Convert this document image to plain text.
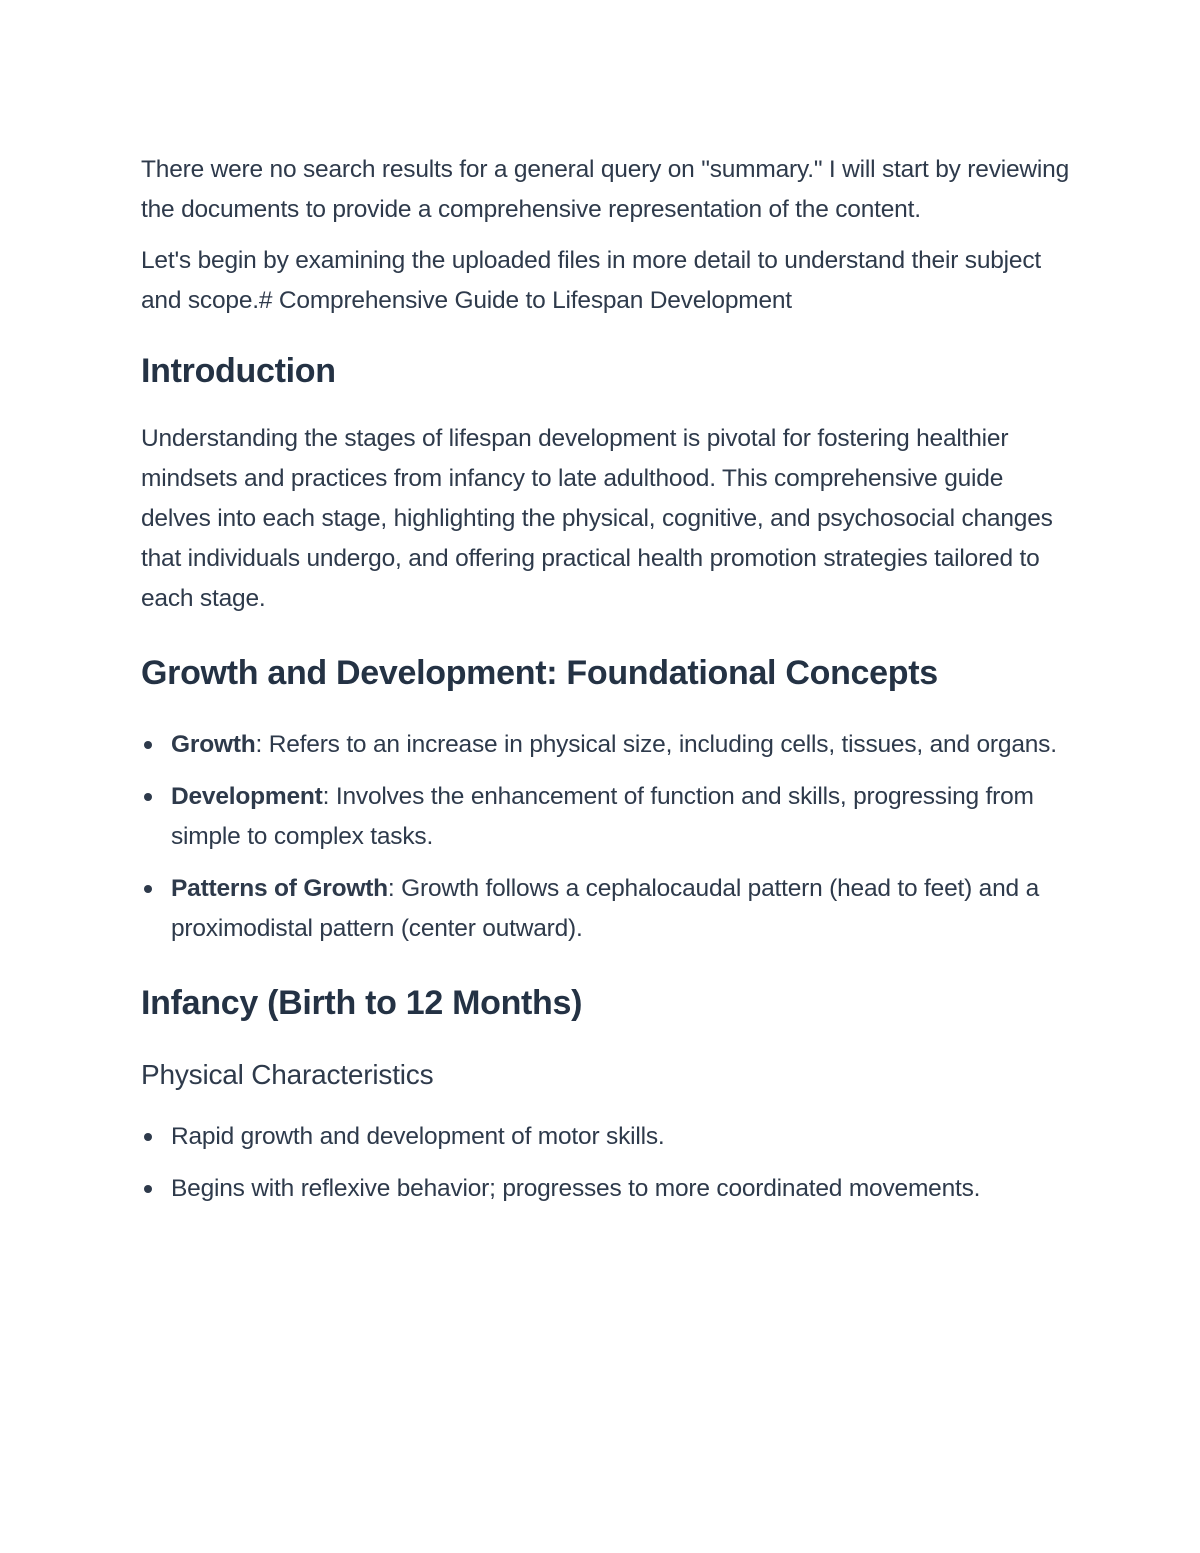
There were no search results for a general query on "summary." I will start by reviewing the documents to provide a comprehensive representation of the content.

Let's begin by examining the uploaded files in more detail to understand their subject and scope.# Comprehensive Guide to Lifespan Development

Introduction

Understanding the stages of lifespan development is pivotal for fostering healthier mindsets and practices from infancy to late adulthood. This comprehensive guide delves into each stage, highlighting the physical, cognitive, and psychosocial changes that individuals undergo, and offering practical health promotion strategies tailored to each stage.

Growth and Development: Foundational Concepts
Growth: Refers to an increase in physical size, including cells, tissues, and organs.
Development: Involves the enhancement of function and skills, progressing from simple to complex tasks.
Patterns of Growth: Growth follows a cephalocaudal pattern (head to feet) and a proximodistal pattern (center outward).
Infancy (Birth to 12 Months)
Physical Characteristics
Rapid growth and development of motor skills.
Begins with reflexive behavior; progresses to more coordinated movements.
